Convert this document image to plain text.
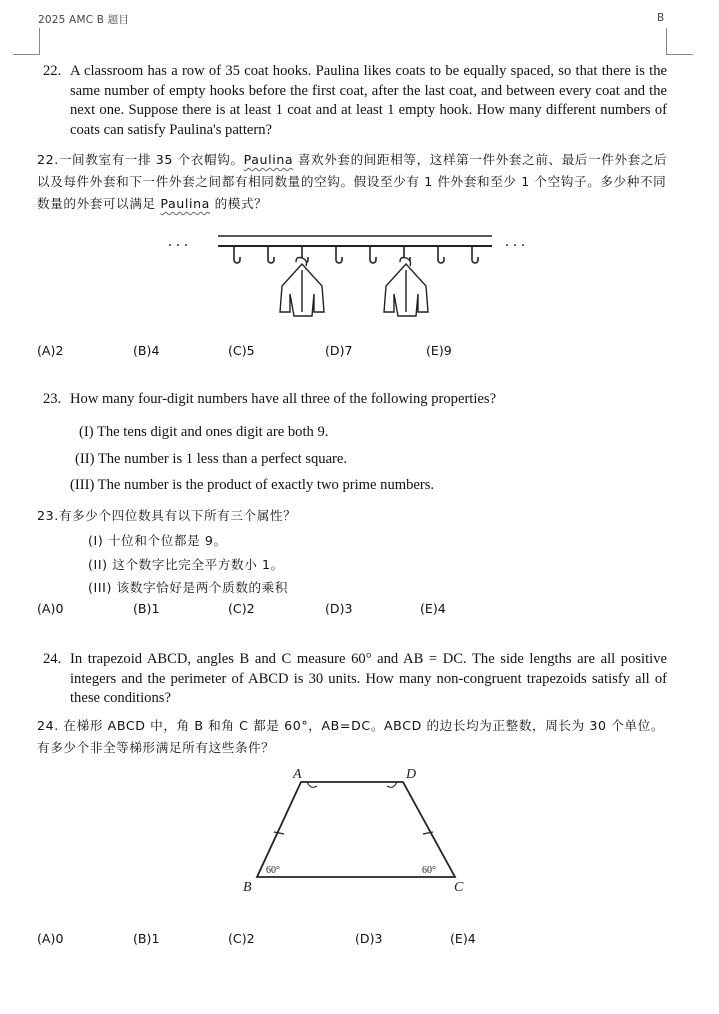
2025 AMC B 题目	B
22. A classroom has a row of 35 coat hooks. Paulina likes coats to be equally spaced, so that there is the same number of empty hooks before the first coat, after the last coat, and between every coat and the next one. Suppose there is at least 1 coat and at least 1 empty hook. How many different numbers of coats can satisfy Paulina's pattern?
22.一间教室有一排 35 个衣帽钩。Paulina 喜欢外套的间距相等，这样第一件外套之前、最后一件外套之后以及每件外套和下一件外套之间都有相同数量的空钩。假设至少有 1 件外套和至少 1 个空钩子。多少种不同数量的外套可以满足 Paulina 的模式？
. . .	. . .
(A)2	(B)4	(C)5	(D)7	(E)9
23. How many four-digit numbers have all three of the following properties?
(I) The tens digit and ones digit are both 9.
(II) The number is 1 less than a perfect square.
(III) The number is the product of exactly two prime numbers.
23.有多少个四位数具有以下所有三个属性？
(I) 十位和个位都是 9。
(II) 这个数字比完全平方数小 1。
(III) 该数字恰好是两个质数的乘积
(A)0	(B)1	(C)2	(D)3	(E)4
24. In trapezoid ABCD, angles B and C measure 60° and AB = DC. The side lengths are all positive integers and the perimeter of ABCD is 30 units. How many non-congruent trapezoids satisfy all of these conditions?
24. 在梯形 ABCD 中，角 B 和角 C 都是 60°，AB=DC。ABCD 的边长均为正整数，周长为 30 个单位。有多少个非全等梯形满足所有这些条件？
A	D
B	C
60°	60°
(A)0	(B)1	(C)2	(D)3	(E)4
